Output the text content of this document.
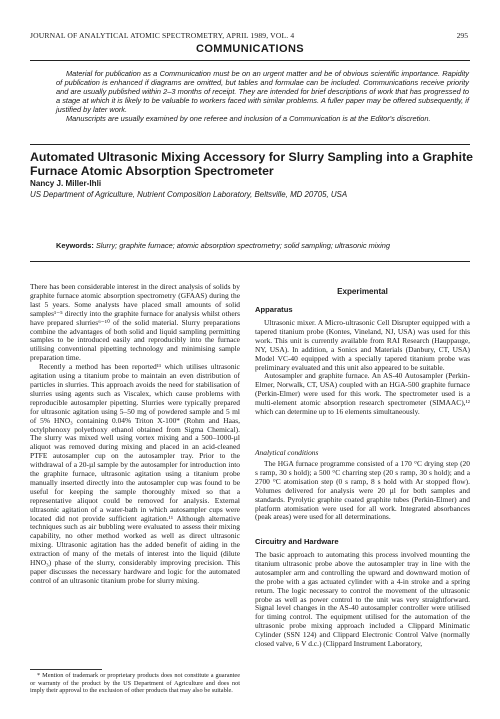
JOURNAL OF ANALYTICAL ATOMIC SPECTROMETRY, APRIL 1989, VOL. 4	295
COMMUNICATIONS

Material for publication as a Communication must be on an urgent matter and be of obvious scientific importance. Rapidity of publication is enhanced if diagrams are omitted, but tables and formulae can be included. Communications receive priority and are usually published within 2–3 months of receipt. They are intended for brief descriptions of work that has progressed to a stage at which it is likely to be valuable to workers faced with similar problems. A fuller paper may be offered subsequently, if justified by later work.

Manuscripts are usually examined by one referee and inclusion of a Communication is at the Editor's discretion.

Automated Ultrasonic Mixing Accessory for Slurry Sampling into a Graphite Furnace Atomic Absorption Spectrometer
Nancy J. Miller-Ihli
US Department of Agriculture, Nutrient Composition Laboratory, Beltsville, MD 20705, USA
Keywords: Slurry; graphite furnace; atomic absorption spectrometry; solid sampling; ultrasonic mixing

There has been considerable interest in the direct analysis of solids by graphite furnace atomic absorption spectrometry (GFAAS) during the last 5 years. Some analysts have placed small amounts of solid samples¹⁻⁵ directly into the graphite furnace for analysis whilst others have prepared slurries⁶⁻¹⁰ of the solid material. Slurry preparations combine the advantages of both solid and liquid sampling permitting samples to be introduced easily and reproducibly into the furnace utilising conventional pipetting technology and minimising sample preparation time.

Recently a method has been reported¹¹ which utilises ultrasonic agitation using a titanium probe to maintain an even distribution of particles in slurries. This approach avoids the need for stabilisation of slurries using agents such as Viscalex, which cause problems with reproducible autosampler pipetting. Slurries were typically prepared for ultrasonic agitation using 5–50 mg of powdered sample and 5 ml of 5% HNO₃ containing 0.04% Triton X-100* (Rohm and Haas, octylphenoxy polyethoxy ethanol obtained from Sigma Chemical). The slurry was mixed well using vortex mixing and a 500–1000-µl aliquot was removed during mixing and placed in an acid-cleaned PTFE autosampler cup on the autosampler tray. Prior to the withdrawal of a 20-µl sample by the autosampler for introduction into the graphite furnace, ultrasonic agitation using a titanium probe manually inserted directly into the autosampler cup was found to be useful for keeping the sample thoroughly mixed so that a representative aliquot could be removed for analysis. External ultrasonic agitation of a water-bath in which autosampler cups were located did not provide sufficient agitation.¹¹ Although alternative techniques such as air bubbling were evaluated to assess their mixing capability, no other method worked as well as direct ultrasonic mixing. Ultrasonic agitation has the added benefit of aiding in the extraction of many of the metals of interest into the liquid (dilute HNO₃) phase of the slurry, considerably improving precision. This paper discusses the necessary hardware and logic for the automated control of an ultrasonic titanium probe for slurry mixing.

* Mention of trademark or proprietary products does not constitute a guarantee or warranty of the product by the US Department of Agriculture and does not imply their approval to the exclusion of other products that may also be suitable.

Experimental
Apparatus

Ultrasonic mixer. A Micro-ultrasonic Cell Disrupter equipped with a tapered titanium probe (Kontes, Vineland, NJ, USA) was used for this work. This unit is currently available from RAI Research (Hauppauge, NY, USA). In addition, a Sonics and Materials (Danbury, CT, USA) Model VC-40 equipped with a specially tapered titanium probe was preliminary evaluated and this unit also appeared to be suitable.

Autosampler and graphite furnace. An AS-40 Autosampler (Perkin-Elmer, Norwalk, CT, USA) coupled with an HGA-500 graphite furnace (Perkin-Elmer) were used for this work. The spectrometer used is a multi-element atomic absorption research spectrometer (SIMAAC),¹² which can determine up to 16 elements simultaneously.

Analytical conditions

The HGA furnace programme consisted of a 170 °C drying step (20 s ramp, 30 s hold); a 500 °C charring step (20 s ramp, 30 s hold); and a 2700 °C atomisation step (0 s ramp, 8 s hold with Ar stopped flow). Volumes delivered for analysis were 20 µl for both samples and standards. Pyrolytic graphite coated graphite tubes (Perkin-Elmer) and platform atomisation were used for all work. Integrated absorbances (peak areas) were used for all determinations.

Circuitry and Hardware

The basic approach to automating this process involved mounting the titanium ultrasonic probe above the autosampler tray in line with the autosampler arm and controlling the upward and downward motion of the probe with a gas actuated cylinder with a 4-in stroke and a spring return. The logic necessary to control the movement of the ultrasonic probe as well as power control to the unit was very straightforward. Signal level changes in the AS-40 autosampler controller were utilised for timing control. The equipment utilised for the automation of the ultrasonic probe mixing approach included a Clippard Minimatic Cylinder (SSN 124) and Clippard Electronic Control Valve (normally closed valve, 6 V d.c.) (Clippard Instrument Laboratory,
